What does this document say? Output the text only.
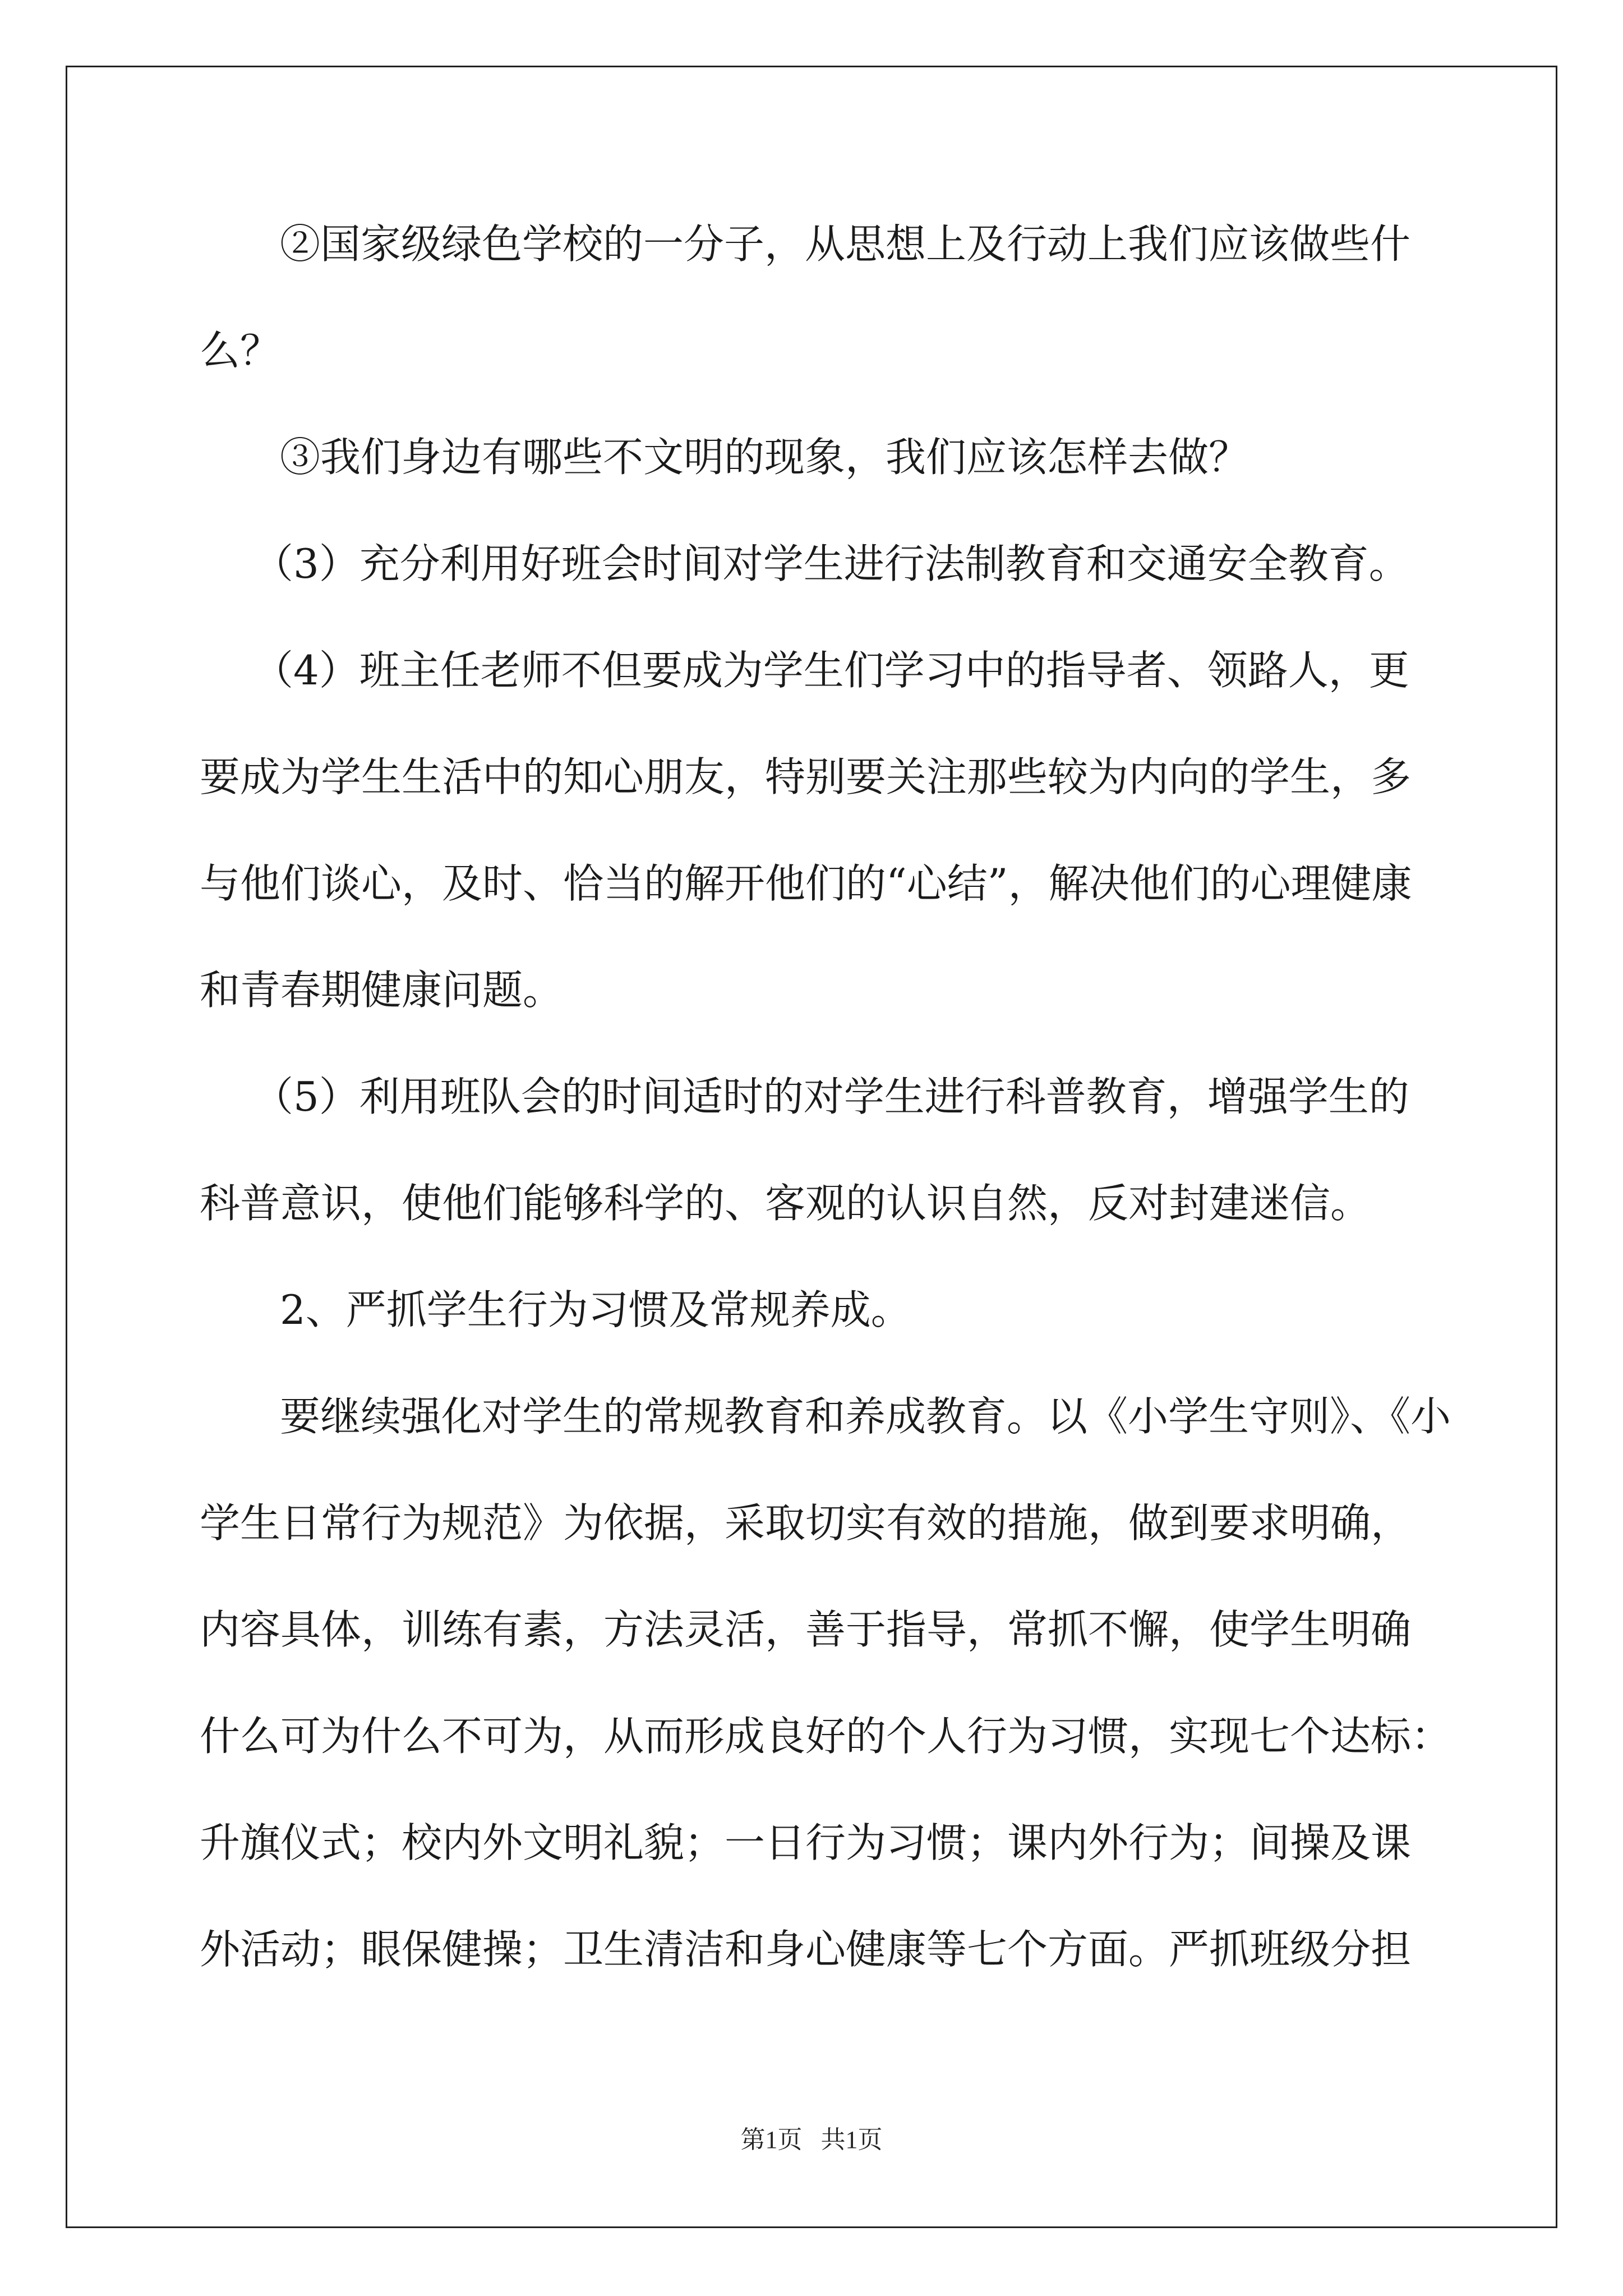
②国家级绿色学校的一分子，从思想上及行动上我们应该做些什
么？
③我们身边有哪些不文明的现象，我们应该怎样去做？
（3）充分利用好班会时间对学生进行法制教育和交通安全教育。
（4）班主任老师不但要成为学生们学习中的指导者、领路人，更
要成为学生生活中的知心朋友，特别要关注那些较为内向的学生，多
与他们谈心，及时、恰当的解开他们的“心结”，解决他们的心理健康
和青春期健康问题。
（5）利用班队会的时间适时的对学生进行科普教育，增强学生的
科普意识，使他们能够科学的、客观的认识自然，反对封建迷信。
2、严抓学生行为习惯及常规养成。
要继续强化对学生的常规教育和养成教育。以《小学生守则》、《小
学生日常行为规范》为依据，采取切实有效的措施，做到要求明确，
内容具体，训练有素，方法灵活，善于指导，常抓不懈，使学生明确
什么可为什么不可为，从而形成良好的个人行为习惯，实现七个达标：
升旗仪式；校内外文明礼貌；一日行为习惯；课内外行为；间操及课
外活动；眼保健操；卫生清洁和身心健康等七个方面。严抓班级分担
第1页   共1页
